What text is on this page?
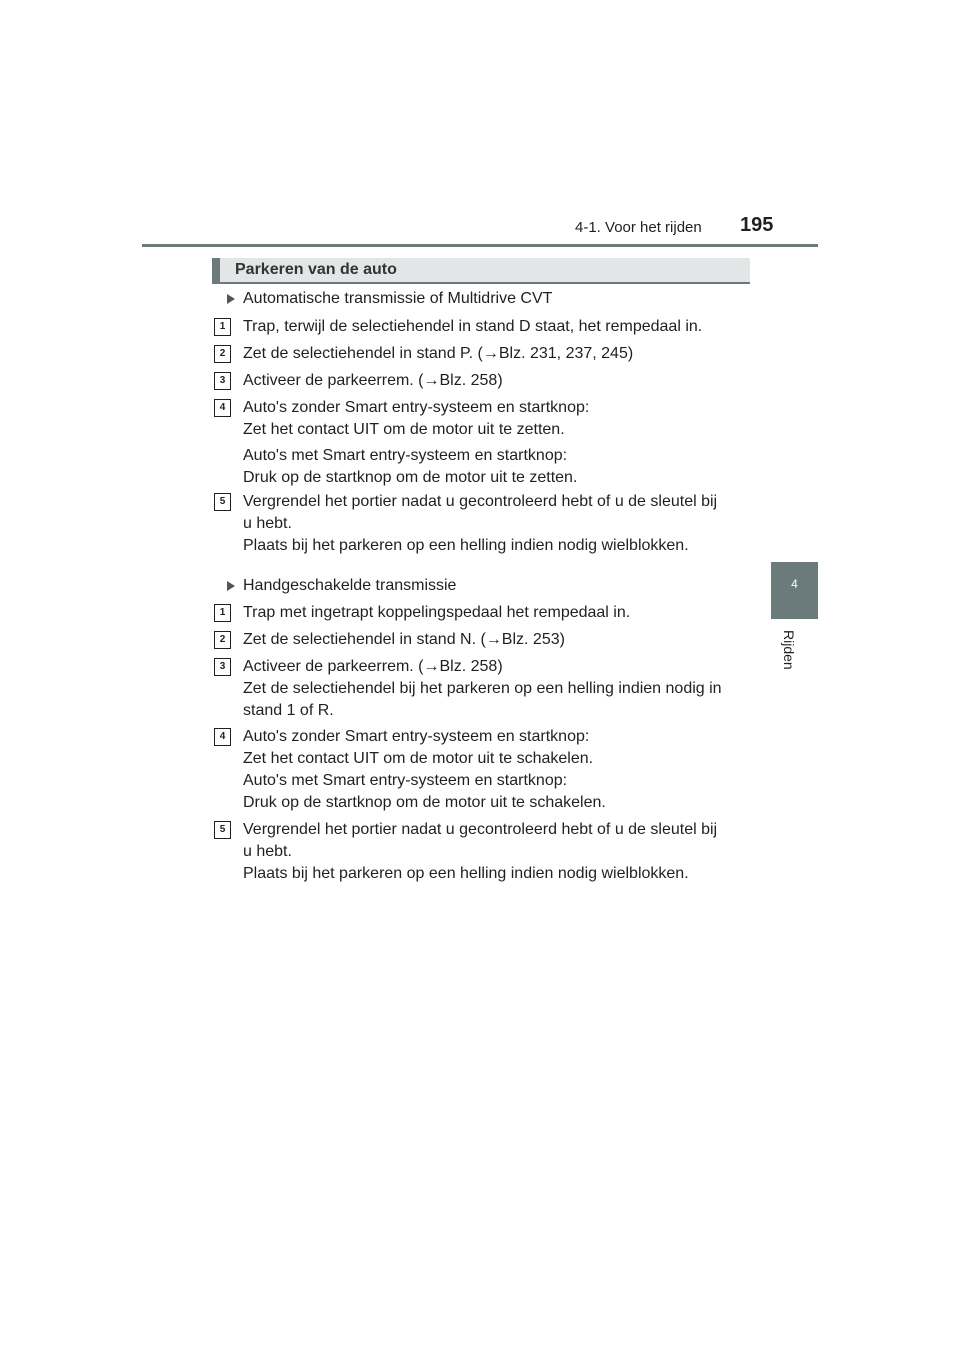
4-1. Voor het rijden 195
4
Rijden
Parkeren van de auto
Automatische transmissie of Multidrive CVT
1	Trap, terwijl de selectiehendel in stand D staat, het rempedaal in.
2	Zet de selectiehendel in stand P. (→Blz. 231, 237, 245)
3	Activeer de parkeerrem. (→Blz. 258)
4	Auto's zonder Smart entry-systeem en startknop:
Zet het contact UIT om de motor uit te zetten.
Auto's met Smart entry-systeem en startknop:
Druk op de startknop om de motor uit te zetten.
5	Vergrendel het portier nadat u gecontroleerd hebt of u de sleutel bij
u hebt.
Plaats bij het parkeren op een helling indien nodig wielblokken.
Handgeschakelde transmissie
1	Trap met ingetrapt koppelingspedaal het rempedaal in.
2	Zet de selectiehendel in stand N. (→Blz. 253)
3	Activeer de parkeerrem. (→Blz. 258)
Zet de selectiehendel bij het parkeren op een helling indien nodig in
stand 1 of R.
4	Auto's zonder Smart entry-systeem en startknop:
Zet het contact UIT om de motor uit te schakelen.
Auto's met Smart entry-systeem en startknop:
Druk op de startknop om de motor uit te schakelen.
5	Vergrendel het portier nadat u gecontroleerd hebt of u de sleutel bij
u hebt.
Plaats bij het parkeren op een helling indien nodig wielblokken.
